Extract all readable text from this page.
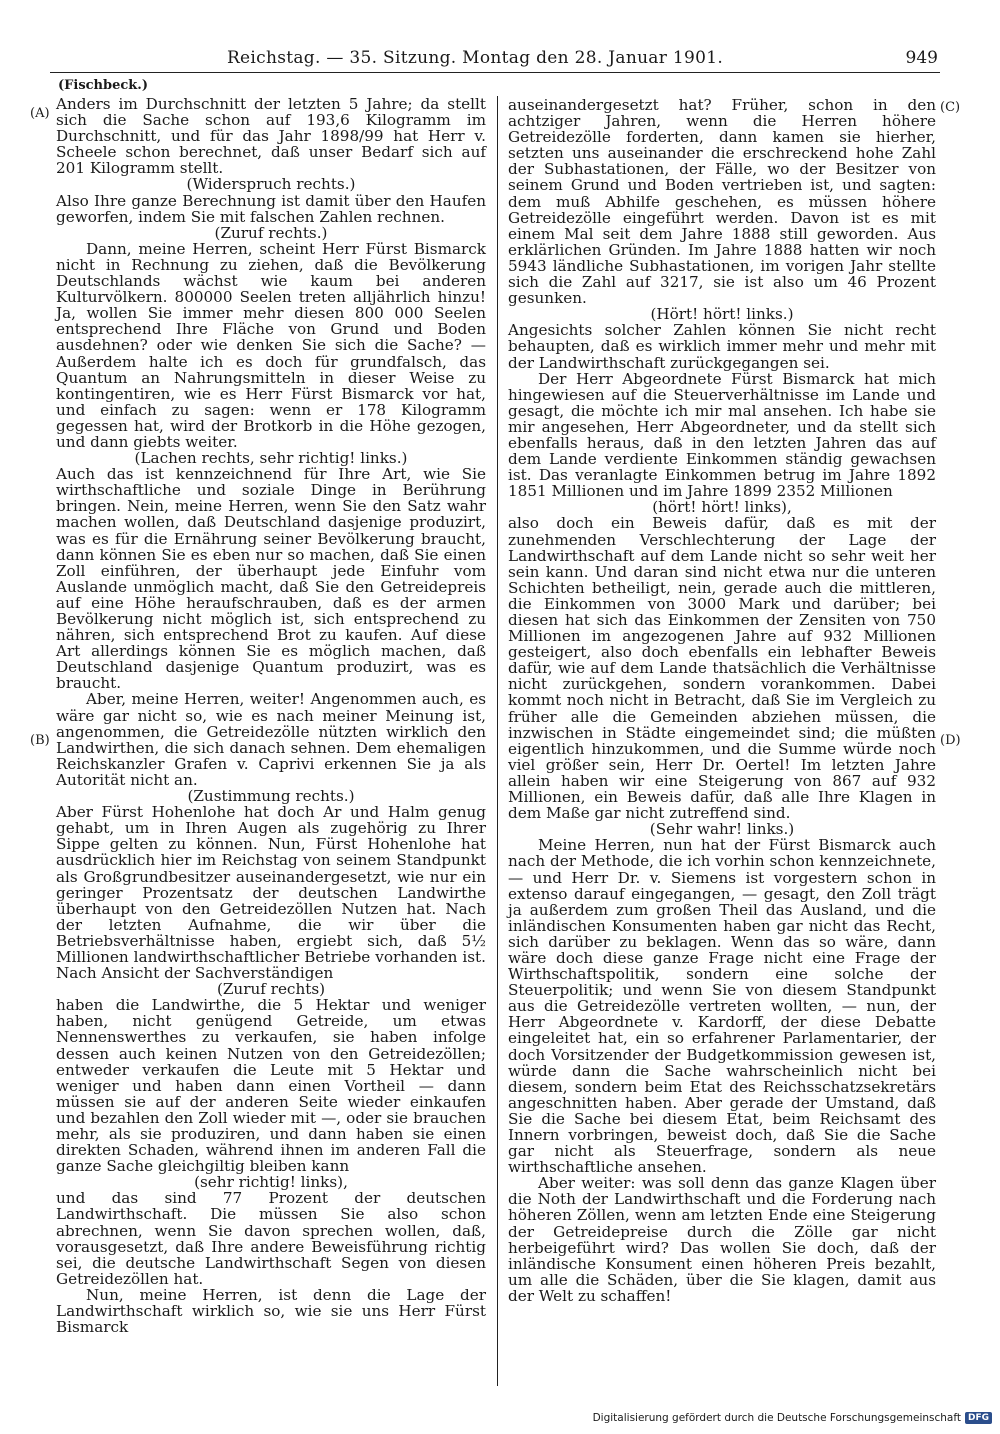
Reichstag. — 35. Sitzung. Montag den 28. Januar 1901.	949
(Fischbeck.)
(A)
(B)
(C)
(D)

Anders im Durchschnitt der letzten 5 Jahre; da stellt sich die Sache schon auf 193,6 Kilogramm im Durchschnitt, und für das Jahr 1898/99 hat Herr v. Scheele schon berechnet, daß unser Bedarf sich auf 201 Kilogramm stellt.

(Widerspruch rechts.)

Also Ihre ganze Berechnung ist damit über den Haufen geworfen, indem Sie mit falschen Zahlen rechnen.

(Zuruf rechts.)

Dann, meine Herren, scheint Herr Fürst Bismarck nicht in Rechnung zu ziehen, daß die Bevölkerung Deutschlands wächst wie kaum bei anderen Kulturvölkern. 800000 Seelen treten alljährlich hinzu! Ja, wollen Sie immer mehr diesen 800 000 Seelen entsprechend Ihre Fläche von Grund und Boden ausdehnen? oder wie denken Sie sich die Sache? — Außerdem halte ich es doch für grundfalsch, das Quantum an Nahrungsmitteln in dieser Weise zu kontingentiren, wie es Herr Fürst Bismarck vor hat, und einfach zu sagen: wenn er 178 Kilogramm gegessen hat, wird der Brotkorb in die Höhe gezogen, und dann giebts weiter.

(Lachen rechts, sehr richtig! links.)

Auch das ist kennzeichnend für Ihre Art, wie Sie wirthschaftliche und soziale Dinge in Berührung bringen. Nein, meine Herren, wenn Sie den Satz wahr machen wollen, daß Deutschland dasjenige produzirt, was es für die Ernährung seiner Bevölkerung braucht, dann können Sie es eben nur so machen, daß Sie einen Zoll einführen, der überhaupt jede Einfuhr vom Auslande unmöglich macht, daß Sie den Getreidepreis auf eine Höhe heraufschrauben, daß es der armen Bevölkerung nicht möglich ist, sich entsprechend zu nähren, sich entsprechend Brot zu kaufen. Auf diese Art allerdings können Sie es möglich machen, daß Deutschland dasjenige Quantum produzirt, was es braucht.

Aber, meine Herren, weiter! Angenommen auch, es wäre gar nicht so, wie es nach meiner Meinung ist, angenommen, die Getreidezölle nützten wirklich den Landwirthen, die sich danach sehnen. Dem ehemaligen Reichskanzler Grafen v. Caprivi erkennen Sie ja als Autorität nicht an.

(Zustimmung rechts.)

Aber Fürst Hohenlohe hat doch Ar und Halm genug gehabt, um in Ihren Augen als zugehörig zu Ihrer Sippe gelten zu können. Nun, Fürst Hohenlohe hat ausdrücklich hier im Reichstag von seinem Standpunkt als Großgrundbesitzer auseinandergesetzt, wie nur ein geringer Prozentsatz der deutschen Landwirthe überhaupt von den Getreidezöllen Nutzen hat. Nach der letzten Aufnahme, die wir über die Betriebsverhältnisse haben, ergiebt sich, daß 5½ Millionen landwirthschaftlicher Betriebe vorhanden ist. Nach Ansicht der Sachverständigen

(Zuruf rechts)

haben die Landwirthe, die 5 Hektar und weniger haben, nicht genügend Getreide, um etwas Nennenswerthes zu verkaufen, sie haben infolge dessen auch keinen Nutzen von den Getreidezöllen; entweder verkaufen die Leute mit 5 Hektar und weniger und haben dann einen Vortheil — dann müssen sie auf der anderen Seite wieder einkaufen und bezahlen den Zoll wieder mit —, oder sie brauchen mehr, als sie produziren, und dann haben sie einen direkten Schaden, während ihnen im anderen Fall die ganze Sache gleichgiltig bleiben kann

(sehr richtig! links),

und das sind 77 Prozent der deutschen Landwirthschaft. Die müssen Sie also schon abrechnen, wenn Sie davon sprechen wollen, daß, vorausgesetzt, daß Ihre andere Beweisführung richtig sei, die deutsche Landwirthschaft Segen von diesen Getreidezöllen hat.

Nun, meine Herren, ist denn die Lage der Landwirthschaft wirklich so, wie sie uns Herr Fürst Bismarck

auseinandergesetzt hat? Früher, schon in den achtziger Jahren, wenn die Herren höhere Getreidezölle forderten, dann kamen sie hierher, setzten uns auseinander die erschreckend hohe Zahl der Subhastationen, der Fälle, wo der Besitzer von seinem Grund und Boden vertrieben ist, und sagten: dem muß Abhilfe geschehen, es müssen höhere Getreidezölle eingeführt werden. Davon ist es mit einem Mal seit dem Jahre 1888 still geworden. Aus erklärlichen Gründen. Im Jahre 1888 hatten wir noch 5943 ländliche Subhastationen, im vorigen Jahr stellte sich die Zahl auf 3217, sie ist also um 46 Prozent gesunken.

(Hört! hört! links.)

Angesichts solcher Zahlen können Sie nicht recht behaupten, daß es wirklich immer mehr und mehr mit der Landwirthschaft zurückgegangen sei.

Der Herr Abgeordnete Fürst Bismarck hat mich hingewiesen auf die Steuerverhältnisse im Lande und gesagt, die möchte ich mir mal ansehen. Ich habe sie mir angesehen, Herr Abgeordneter, und da stellt sich ebenfalls heraus, daß in den letzten Jahren das auf dem Lande verdiente Einkommen ständig gewachsen ist. Das veranlagte Einkommen betrug im Jahre 1892 1851 Millionen und im Jahre 1899 2352 Millionen

(hört! hört! links),

also doch ein Beweis dafür, daß es mit der zunehmenden Verschlechterung der Lage der Landwirthschaft auf dem Lande nicht so sehr weit her sein kann. Und daran sind nicht etwa nur die unteren Schichten betheiligt, nein, gerade auch die mittleren, die Einkommen von 3000 Mark und darüber; bei diesen hat sich das Einkommen der Zensiten von 750 Millionen im angezogenen Jahre auf 932 Millionen gesteigert, also doch ebenfalls ein lebhafter Beweis dafür, wie auf dem Lande thatsächlich die Verhältnisse nicht zurückgehen, sondern vorankommen. Dabei kommt noch nicht in Betracht, daß Sie im Vergleich zu früher alle die Gemeinden abziehen müssen, die inzwischen in Städte eingemeindet sind; die müßten eigentlich hinzukommen, und die Summe würde noch viel größer sein, Herr Dr. Oertel! Im letzten Jahre allein haben wir eine Steigerung von 867 auf 932 Millionen, ein Beweis dafür, daß alle Ihre Klagen in dem Maße gar nicht zutreffend sind.

(Sehr wahr! links.)

Meine Herren, nun hat der Fürst Bismarck auch nach der Methode, die ich vorhin schon kennzeichnete, — und Herr Dr. v. Siemens ist vorgestern schon in extenso darauf eingegangen, — gesagt, den Zoll trägt ja außerdem zum großen Theil das Ausland, und die inländischen Konsumenten haben gar nicht das Recht, sich darüber zu beklagen. Wenn das so wäre, dann wäre doch diese ganze Frage nicht eine Frage der Wirthschaftspolitik, sondern eine solche der Steuerpolitik; und wenn Sie von diesem Standpunkt aus die Getreidezölle vertreten wollten, — nun, der Herr Abgeordnete v. Kardorff, der diese Debatte eingeleitet hat, ein so erfahrener Parlamentarier, der doch Vorsitzender der Budgetkommission gewesen ist, würde dann die Sache wahrscheinlich nicht bei diesem, sondern beim Etat des Reichsschatzsekretärs angeschnitten haben. Aber gerade der Umstand, daß Sie die Sache bei diesem Etat, beim Reichsamt des Innern vorbringen, beweist doch, daß Sie die Sache gar nicht als Steuerfrage, sondern als neue wirthschaftliche ansehen.

Aber weiter: was soll denn das ganze Klagen über die Noth der Landwirthschaft und die Forderung nach höheren Zöllen, wenn am letzten Ende eine Steigerung der Getreidepreise durch die Zölle gar nicht herbeigeführt wird? Das wollen Sie doch, daß der inländische Konsument einen höheren Preis bezahlt, um alle die Schäden, über die Sie klagen, damit aus der Welt zu schaffen!

Digitalisierung gefördert durch die Deutsche Forschungsgemeinschaft DFG
